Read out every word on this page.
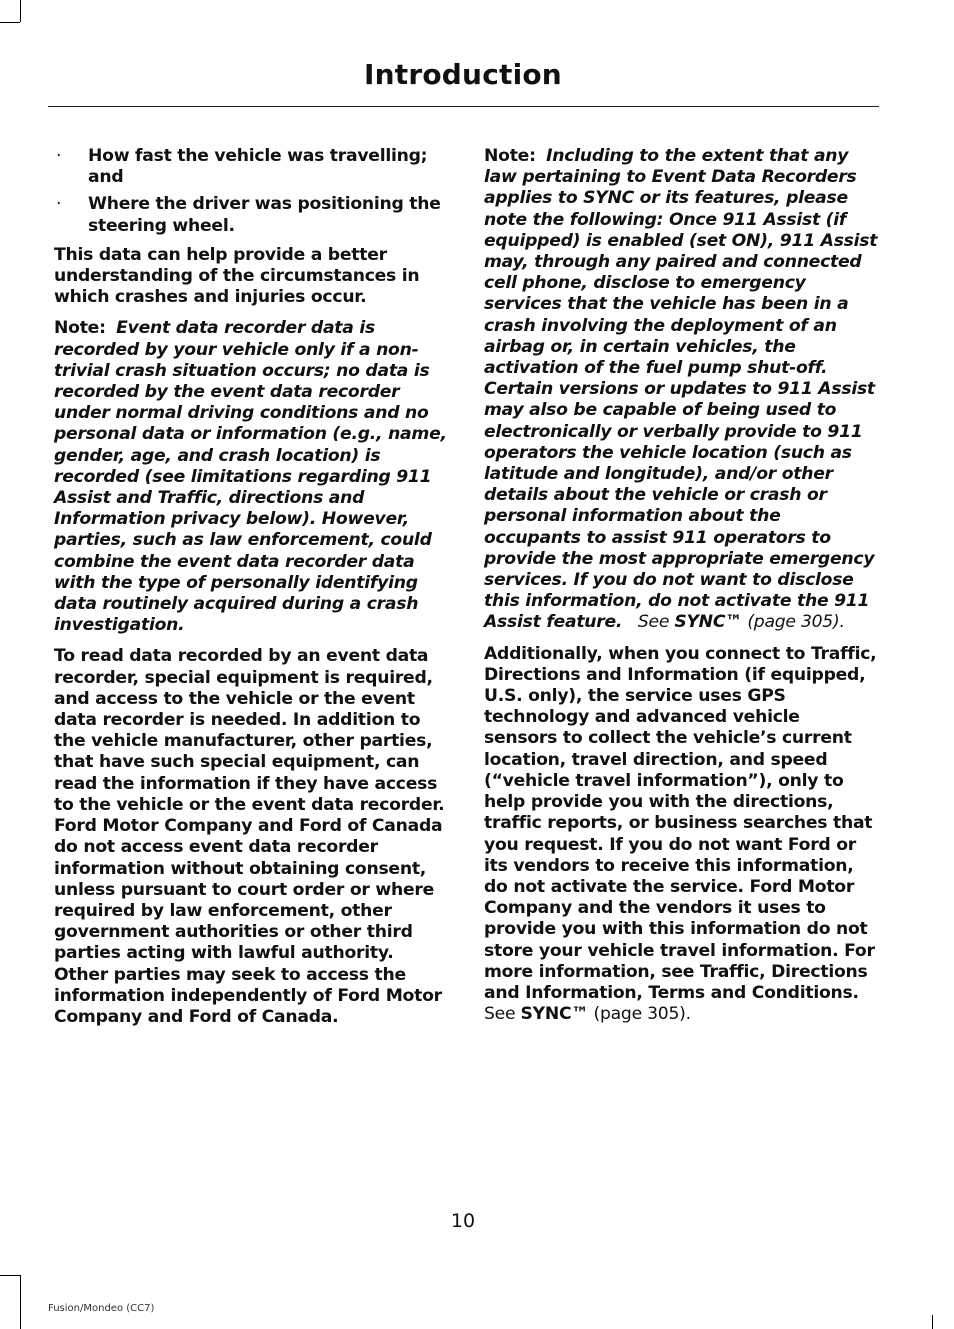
Introduction
· How fast the vehicle was travelling; and
· Where the driver was positioning the steering wheel.

This data can help provide a better understanding of the circumstances in which crashes and injuries occur.

Note: Event data recorder data is recorded by your vehicle only if a non-trivial crash situation occurs; no data is recorded by the event data recorder under normal driving conditions and no personal data or information (e.g., name, gender, age, and crash location) is recorded (see limitations regarding 911 Assist and Traffic, directions and Information privacy below). However, parties, such as law enforcement, could combine the event data recorder data with the type of personally identifying data routinely acquired during a crash investigation.

To read data recorded by an event data recorder, special equipment is required, and access to the vehicle or the event data recorder is needed. In addition to the vehicle manufacturer, other parties, that have such special equipment, can read the information if they have access to the vehicle or the event data recorder. Ford Motor Company and Ford of Canada do not access event data recorder information without obtaining consent, unless pursuant to court order or where required by law enforcement, other government authorities or other third parties acting with lawful authority. Other parties may seek to access the information independently of Ford Motor Company and Ford of Canada.

Note: Including to the extent that any law pertaining to Event Data Recorders applies to SYNC or its features, please note the following: Once 911 Assist (if equipped) is enabled (set ON), 911 Assist may, through any paired and connected cell phone, disclose to emergency services that the vehicle has been in a crash involving the deployment of an airbag or, in certain vehicles, the activation of the fuel pump shut-off. Certain versions or updates to 911 Assist may also be capable of being used to electronically or verbally provide to 911 operators the vehicle location (such as latitude and longitude), and/or other details about the vehicle or crash or personal information about the occupants to assist 911 operators to provide the most appropriate emergency services. If you do not want to disclose this information, do not activate the 911 Assist feature. See SYNC™ (page 305).

Additionally, when you connect to Traffic, Directions and Information (if equipped, U.S. only), the service uses GPS technology and advanced vehicle sensors to collect the vehicle’s current location, travel direction, and speed (“vehicle travel information”), only to help provide you with the directions, traffic reports, or business searches that you request. If you do not want Ford or its vendors to receive this information, do not activate the service. Ford Motor Company and the vendors it uses to provide you with this information do not store your vehicle travel information. For more information, see Traffic, Directions and Information, Terms and Conditions.
See SYNC™ (page 305).

10
Fusion/Mondeo (CC7)
